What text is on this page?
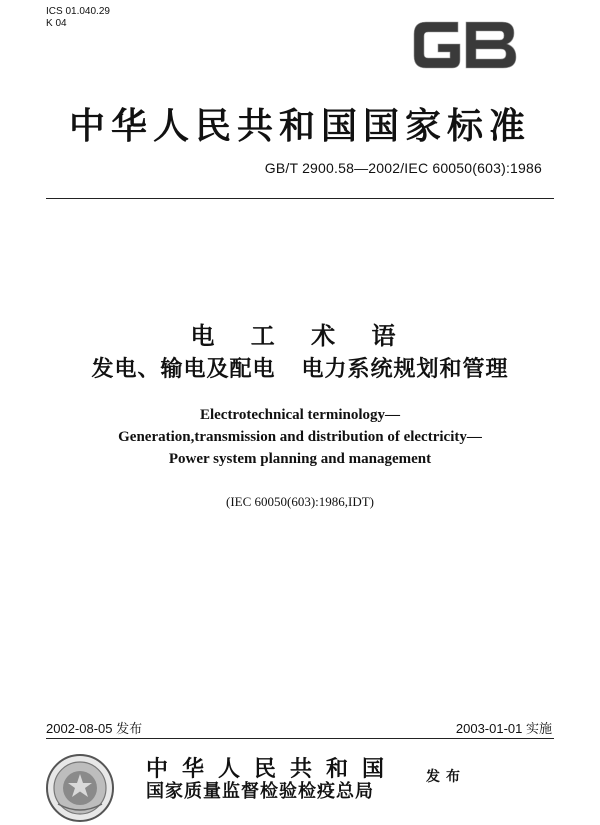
ICS 01.040.29
K 04
中华人民共和国国家标准
GB/T 2900.58—2002/IEC 60050(603):1986
电 工 术 语
发电、输电及配电   电力系统规划和管理
Electrotechnical terminology—
Generation,transmission and distribution of electricity—
Power system planning and management
(IEC 60050(603):1986,IDT)
2002-08-05 发布	2003-01-01 实施
中华人民共和国
国家质量监督检验检疫总局
发布
